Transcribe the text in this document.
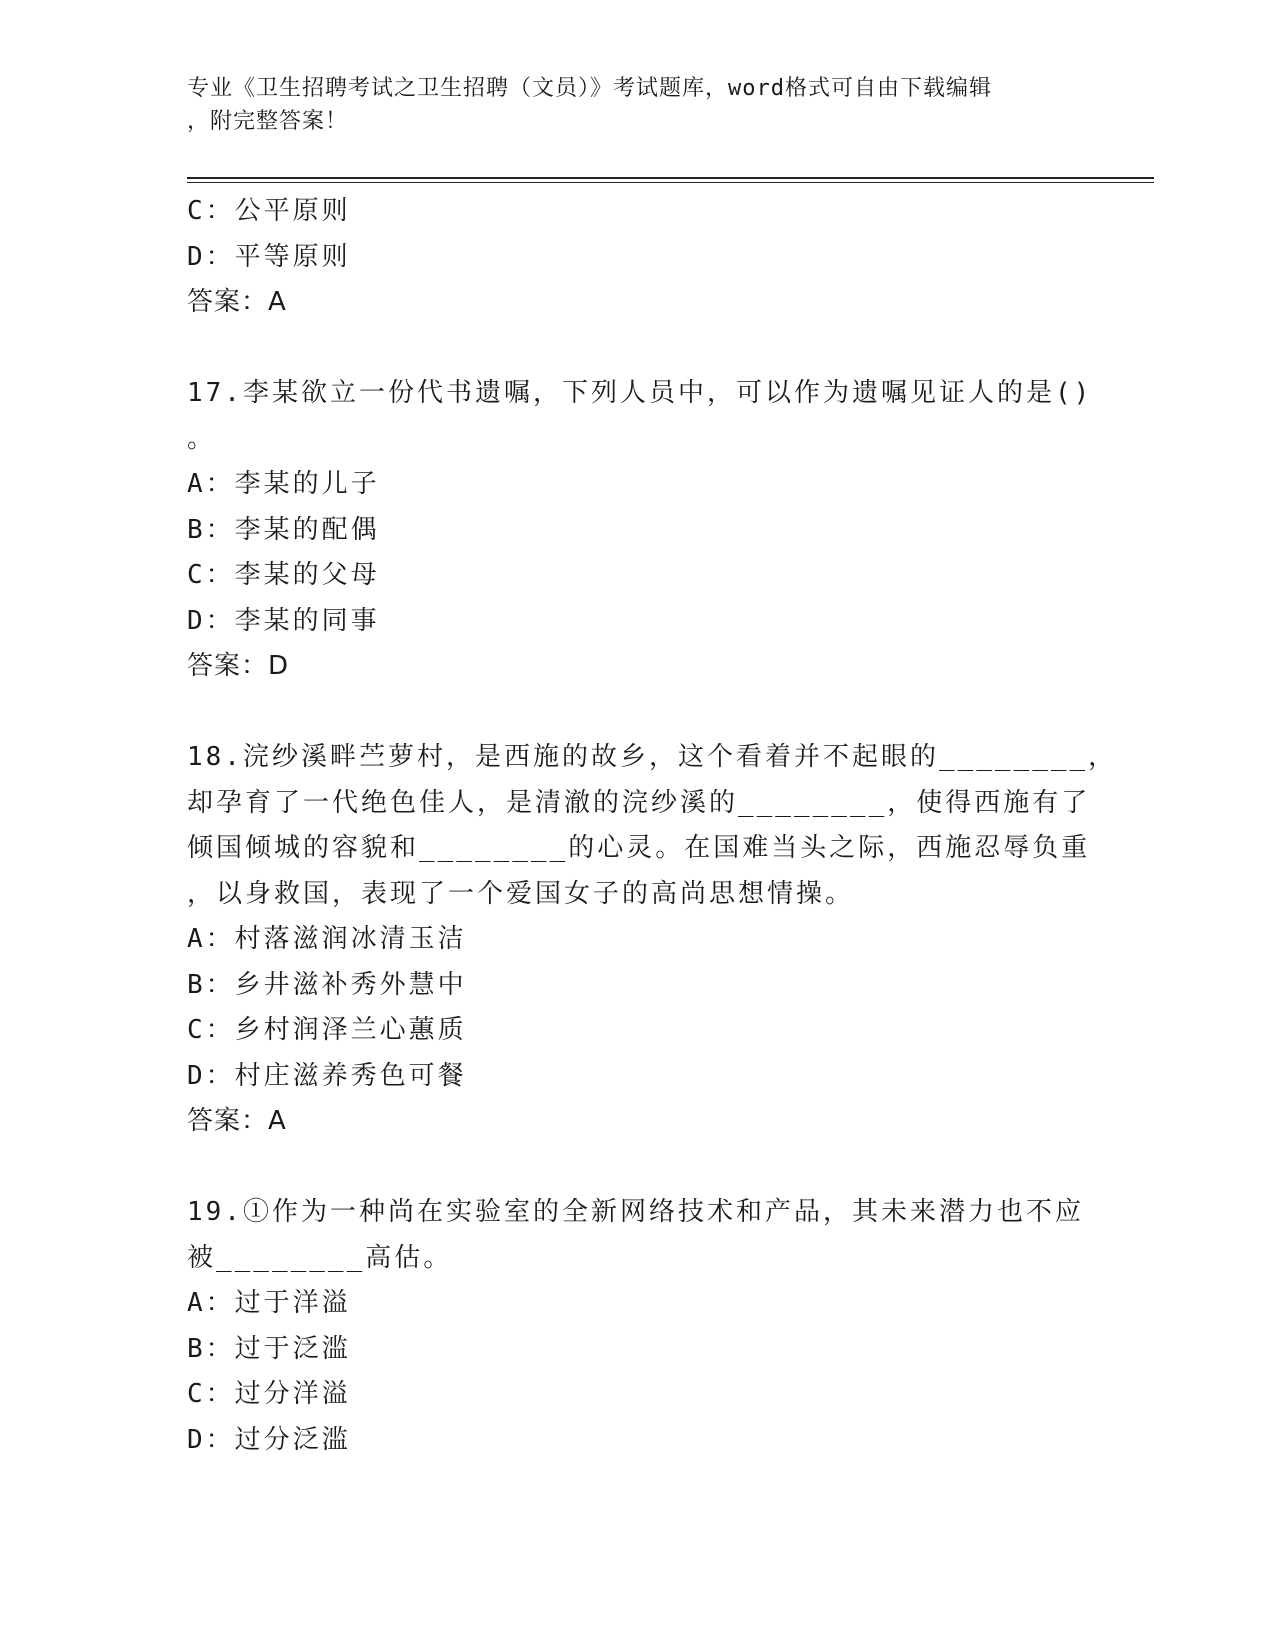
专业《卫生招聘考试之卫生招聘（文员）》考试题库，word格式可自由下载编辑
，附完整答案！
C：公平原则
D：平等原则
答案：A
17.李某欲立一份代书遗嘱，下列人员中，可以作为遗嘱见证人的是()
。
A：李某的儿子
B：李某的配偶
C：李某的父母
D：李某的同事
答案：D
18.浣纱溪畔苎萝村，是西施的故乡，这个看着并不起眼的________，
却孕育了一代绝色佳人，是清澈的浣纱溪的________，使得西施有了
倾国倾城的容貌和________的心灵。在国难当头之际，西施忍辱负重
，以身救国，表现了一个爱国女子的高尚思想情操。
A：村落滋润冰清玉洁
B：乡井滋补秀外慧中
C：乡村润泽兰心蕙质
D：村庄滋养秀色可餐
答案：A
19.①作为一种尚在实验室的全新网络技术和产品，其未来潜力也不应
被________高估。
A：过于洋溢
B：过于泛滥
C：过分洋溢
D：过分泛滥
